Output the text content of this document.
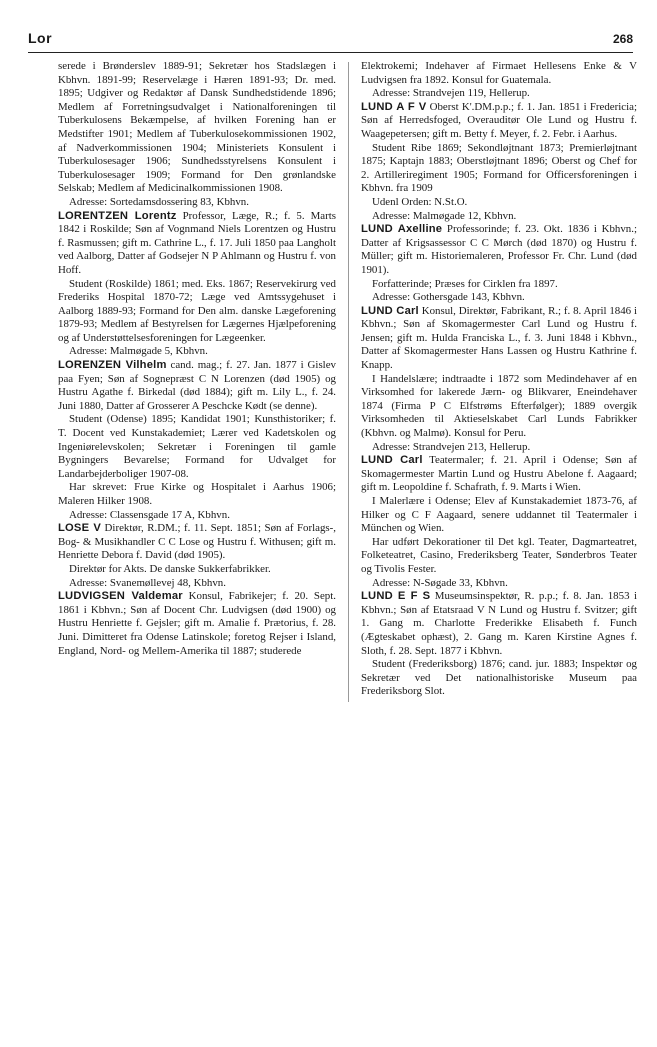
Lor	268

serede i Brønderslev 1889-91; Sekretær hos Stadslægen i Kbhvn. 1891-99; Reservelæge i Hæren 1891-93; Dr. med. 1895; Udgiver og Redaktør af Dansk Sundhedstidende 1896; Medlem af Forretningsudvalget i Nationalforeningen til Tuberkulosens Bekæmpelse, af hvilken Forening han er Medstifter 1901; Medlem af Tuberkulosekommissionen 1902, af Nadverkommissionen 1904; Ministeriets Konsulent i Tuberkulosesager 1906; Sundhedsstyrelsens Konsulent i Tuberkulosesager 1909; Formand for Den grønlandske Selskab; Medlem af Medicinalkommissionen 1908.

Adresse: Sortedamsdossering 83, Kbhvn.

LORENTZEN Lorentz Professor, Læge, R.; f. 5. Marts 1842 i Roskilde; Søn af Vognmand Niels Lorentzen og Hustru f. Rasmussen; gift m. Cathrine L., f. 17. Juli 1850 paa Langholt ved Aalborg, Datter af Godsejer N P Ahlmann og Hustru f. von Hoff.

Student (Roskilde) 1861; med. Eks. 1867; Reservekirurg ved Frederiks Hospital 1870-72; Læge ved Amtssygehuset i Aalborg 1889-93; Formand for Den alm. danske Lægeforening 1879-93; Medlem af Bestyrelsen for Lægernes Hjælpeforening og af Understøttelsesforeningen for Lægeenker.

Adresse: Malmøgade 5, Kbhvn.

LORENZEN Vilhelm cand. mag.; f. 27. Jan. 1877 i Gislev paa Fyen; Søn af Sognepræst C N Lorenzen (død 1905) og Hustru Agathe f. Birkedal (død 1884); gift m. Lily L., f. 24. Juni 1880, Datter af Grosserer A Peschcke Kødt (se denne).

Student (Odense) 1895; Kandidat 1901; Kunsthistoriker; f. T. Docent ved Kunstakademiet; Lærer ved Kadetskolen og Ingeniørelevskolen; Sekretær i Foreningen til gamle Bygningers Bevarelse; Formand for Udvalget for Landarbejderboliger 1907-08.

Har skrevet: Frue Kirke og Hospitalet i Aarhus 1906; Maleren Hilker 1908.

Adresse: Classensgade 17 A, Kbhvn.

LOSE V Direktør, R.DM.; f. 11. Sept. 1851; Søn af Forlags-, Bog- & Musikhandler C C Lose og Hustru f. Withusen; gift m. Henriette Debora f. David (død 1905).

Direktør for Akts. De danske Sukkerfabrikker.

Adresse: Svanemøllevej 48, Kbhvn.

LUDVIGSEN Valdemar Konsul, Fabrikejer; f. 20. Sept. 1861 i Kbhvn.; Søn af Docent Chr. Ludvigsen (død 1900) og Hustru Henriette f. Gejsler; gift m. Amalie f. Prætorius, f. 28. Juni. Dimitteret fra Odense Latinskole; foretog Rejser i Island, England, Nord- og Mellem-Amerika til 1887; studerede

Elektrokemi; Indehaver af Firmaet Hellesens Enke & V Ludvigsen fra 1892. Konsul for Guatemala.

Adresse: Strandvejen 119, Hellerup.

LUND A F V Oberst K'.DM.p.p.; f. 1. Jan. 1851 i Fredericia; Søn af Herredsfoged, Overauditør Ole Lund og Hustru f. Waagepetersen; gift m. Betty f. Meyer, f. 2. Febr. i Aarhus.

Student Ribe 1869; Sekondløjtnant 1873; Premierløjtnant 1875; Kaptajn 1883; Oberstløjtnant 1896; Oberst og Chef for 2. Artilleriregiment 1905; Formand for Officersforeningen i Kbhvn. fra 1909

Udenl Orden: N.St.O.

Adresse: Malmøgade 12, Kbhvn.

LUND Axelline Professorinde; f. 23. Okt. 1836 i Kbhvn.; Datter af Krigsassessor C C Mørch (død 1870) og Hustru f. Müller; gift m. Historiemaleren, Professor Fr. Chr. Lund (død 1901).

Forfatterinde; Præses for Cirklen fra 1897.

Adresse: Gothersgade 143, Kbhvn.

LUND Carl Konsul, Direktør, Fabrikant, R.; f. 8. April 1846 i Kbhvn.; Søn af Skomagermester Carl Lund og Hustru f. Jensen; gift m. Hulda Franciska L., f. 3. Juni 1848 i Kbhvn., Datter af Skomagermester Hans Lassen og Hustru Kathrine f. Knapp.

I Handelslære; indtraadte i 1872 som Medindehaver af en Virksomhed for lakerede Jærn- og Blikvarer, Eneindehaver 1874 (Firma P C Elfstrøms Efterfølger); 1889 overgik Virksomheden til Aktieselskabet Carl Lunds Fabrikker (Kbhvn. og Malmø). Konsul for Peru.

Adresse: Strandvejen 213, Hellerup.

LUND Carl Teatermaler; f. 21. April i Odense; Søn af Skomagermester Martin Lund og Hustru Abelone f. Aagaard; gift m. Leopoldine f. Schafrath, f. 9. Marts i Wien.

I Malerlære i Odense; Elev af Kunstakademiet 1873-76, af Hilker og C F Aagaard, senere uddannet til Teatermaler i München og Wien.

Har udført Dekorationer til Det kgl. Teater, Dagmarteatret, Folketeatret, Casino, Frederiksberg Teater, Sønderbros Teater og Tivolis Fester.

Adresse: N-Søgade 33, Kbhvn.

LUND E F S Museumsinspektør, R. p.p.; f. 8. Jan. 1853 i Kbhvn.; Søn af Etatsraad V N Lund og Hustru f. Svitzer; gift 1. Gang m. Charlotte Frederikke Elisabeth f. Funch (Ægteskabet ophæst), 2. Gang m. Karen Kirstine Agnes f. Sloth, f. 28. Sept. 1877 i Kbhvn.

Student (Frederiksborg) 1876; cand. jur. 1883; Inspektør og Sekretær ved Det nationalhistoriske Museum paa Frederiksborg Slot.
